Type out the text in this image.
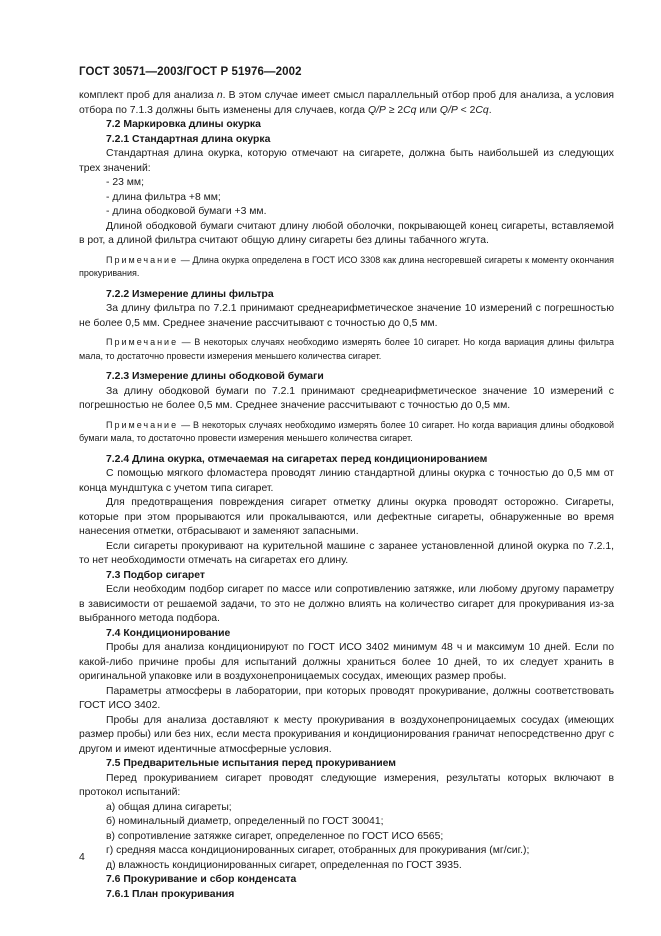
ГОСТ 30571—2003/ГОСТ Р 51976—2002

комплект проб для анализа n. В этом случае имеет смысл параллельный отбор проб для анализа, а условия отбора по 7.1.3 должны быть изменены для случаев, когда Q/P ≥ 2Cq или Q/P < 2Cq.

7.2 Маркировка длины окурка

7.2.1 Стандартная длина окурка

Стандартная длина окурка, которую отмечают на сигарете, должна быть наибольшей из следующих трех значений:

- 23 мм;

- длина фильтра +8 мм;

- длина ободковой бумаги +3 мм.

Длиной ободковой бумаги считают длину любой оболочки, покрывающей конец сигареты, вставляемой в рот, а длиной фильтра считают общую длину сигареты без длины табачного жгута.

Примечание — Длина окурка определена в ГОСТ ИСО 3308 как длина несгоревшей сигареты к моменту окончания прокуривания.

7.2.2 Измерение длины фильтра

За длину фильтра по 7.2.1 принимают среднеарифметическое значение 10 измерений с погрешностью не более 0,5 мм. Среднее значение рассчитывают с точностью до 0,5 мм.

Примечание — В некоторых случаях необходимо измерять более 10 сигарет. Но когда вариация длины фильтра мала, то достаточно провести измерения меньшего количества сигарет.

7.2.3 Измерение длины ободковой бумаги

За длину ободковой бумаги по 7.2.1 принимают среднеарифметическое значение 10 измерений с погрешностью не более 0,5 мм. Среднее значение рассчитывают с точностью до 0,5 мм.

Примечание — В некоторых случаях необходимо измерять более 10 сигарет. Но когда вариация длины ободковой бумаги мала, то достаточно провести измерения меньшего количества сигарет.

7.2.4 Длина окурка, отмечаемая на сигаретах перед кондиционированием

С помощью мягкого фломастера проводят линию стандартной длины окурка с точностью до 0,5 мм от конца мундштука с учетом типа сигарет.

Для предотвращения повреждения сигарет отметку длины окурка проводят осторожно. Сигареты, которые при этом прорываются или прокалываются, или дефектные сигареты, обнаруженные во время нанесения отметки, отбрасывают и заменяют запасными.

Если сигареты прокуривают на курительной машине с заранее установленной длиной окурка по 7.2.1, то нет необходимости отмечать на сигаретах его длину.

7.3 Подбор сигарет

Если необходим подбор сигарет по массе или сопротивлению затяжке, или любому другому параметру в зависимости от решаемой задачи, то это не должно влиять на количество сигарет для прокуривания из-за выбранного метода подбора.

7.4 Кондиционирование

Пробы для анализа кондиционируют по ГОСТ ИСО 3402 минимум 48 ч и максимум 10 дней. Если по какой-либо причине пробы для испытаний должны храниться более 10 дней, то их следует хранить в оригинальной упаковке или в воздухонепроницаемых сосудах, имеющих размер пробы.

Параметры атмосферы в лаборатории, при которых проводят прокуривание, должны соответствовать ГОСТ ИСО 3402.

Пробы для анализа доставляют к месту прокуривания в воздухонепроницаемых сосудах (имеющих размер пробы) или без них, если места прокуривания и кондиционирования граничат непосредственно друг с другом и имеют идентичные атмосферные условия.

7.5 Предварительные испытания перед прокуриванием

Перед прокуриванием сигарет проводят следующие измерения, результаты которых включают в протокол испытаний:

а) общая длина сигареты;

б) номинальный диаметр, определенный по ГОСТ 30041;

в) сопротивление затяжке сигарет, определенное по ГОСТ ИСО 6565;

г) средняя масса кондиционированных сигарет, отобранных для прокуривания (мг/сиг.);

д) влажность кондиционированных сигарет, определенная по ГОСТ 3935.

7.6 Прокуривание и сбор конденсата

7.6.1 План прокуривания

4
